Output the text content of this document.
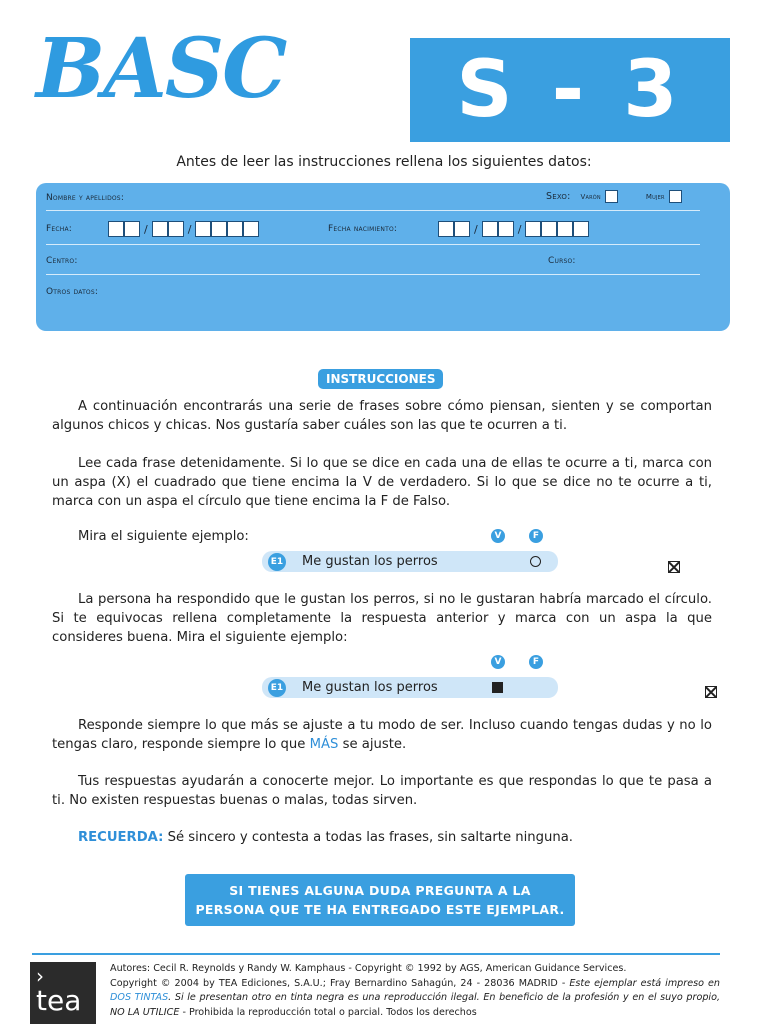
BASC	S - 3
Antes de leer las instrucciones rellena los siguientes datos:
Nombre y apellidos:	Sexo: Varón	Mujer
Fecha:	/	/	Fecha nacimiento:	/	/
Centro:	Curso:
Otros datos:
INSTRUCCIONES
A continuación encontrarás una serie de frases sobre cómo piensan, sienten y se comportan algunos chicos y chicas. Nos gustaría saber cuáles son las que te ocurren a ti.
Lee cada frase detenidamente. Si lo que se dice en cada una de ellas te ocurre a ti, marca con un aspa (X) el cuadrado que tiene encima la V de verdadero. Si lo que se dice no te ocurre a ti, marca con un aspa el círculo que tiene encima la F de Falso.
Mira el siguiente ejemplo:	V	F
E1 Me gustan los perros
La persona ha respondido que le gustan los perros, si no le gustaran habría marcado el círculo. Si te equivocas rellena completamente la respuesta anterior y marca con un aspa la que consideres buena. Mira el siguiente ejemplo:
V	F
E1 Me gustan los perros
Responde siempre lo que más se ajuste a tu modo de ser. Incluso cuando tengas dudas y no lo tengas claro, responde siempre lo que MÁS se ajuste.
Tus respuestas ayudarán a conocerte mejor. Lo importante es que respondas lo que te pasa a ti. No existen respuestas buenas o malas, todas sirven.
RECUERDA: Sé sincero y contesta a todas las frases, sin saltarte ninguna.
SI TIENES ALGUNA DUDA PREGUNTA A LA
PERSONA QUE TE HA ENTREGADO ESTE EJEMPLAR.
›
tea
Autores: Cecil R. Reynolds y Randy W. Kamphaus - Copyright © 1992 by AGS, American Guidance Services.
Copyright © 2004 by TEA Ediciones, S.A.U.; Fray Bernardino Sahagún, 24 - 28036 MADRID - Este ejemplar está impreso en DOS TINTAS. Si le presentan otro en tinta negra es una reproducción ilegal. En beneficio de la profesión y en el suyo propio, NO LA UTILICE - Prohibida la reproducción total o parcial. Todos los derechos
